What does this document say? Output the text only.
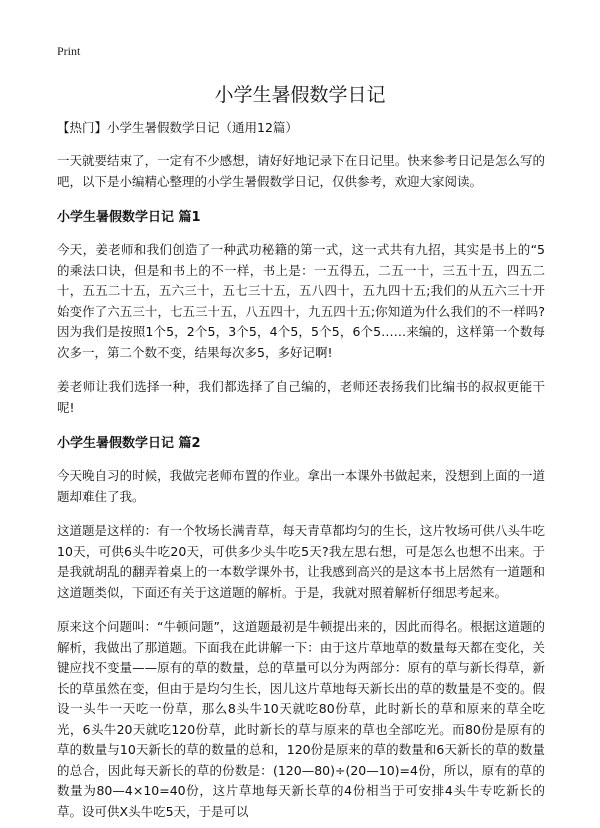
Print
小学生暑假数学日记
【热门】小学生暑假数学日记（通用12篇）

一天就要结束了，一定有不少感想，请好好地记录下在日记里。快来参考日记是怎么写的吧，以下是小编精心整理的小学生暑假数学日记，仅供参考，欢迎大家阅读。

小学生暑假数学日记 篇1

今天，姜老师和我们创造了一种武功秘籍的第一式，这一式共有九招，其实是书上的“5的乘法口诀，但是和书上的不一样，书上是：一五得五，二五一十，三五十五，四五二十，五五二十五，五六三十，五七三十五，五八四十，五九四十五;我们的从五六三十开始变作了六五三十，七五三十五，八五四十，九五四十五;你知道为什么我们的不一样吗?因为我们是按照1个5，2个5，3个5，4个5，5个5，6个5……来编的，这样第一个数每次多一，第二个数不变，结果每次多5，多好记啊!

姜老师让我们选择一种，我们都选择了自己编的，老师还表扬我们比编书的叔叔更能干呢!

小学生暑假数学日记 篇2

今天晚自习的时候，我做完老师布置的作业。拿出一本课外书做起来，没想到上面的一道题却难住了我。

这道题是这样的：有一个牧场长满青草，每天青草都均匀的生长，这片牧场可供八头牛吃10天，可供6头牛吃20天，可供多少头牛吃5天?我左思右想，可是怎么也想不出来。于是我就胡乱的翻弄着桌上的一本数学课外书，让我感到高兴的是这本书上居然有一道题和这道题类似，下面还有关于这道题的解析。于是，我就对照着解析仔细思考起来。

原来这个问题叫：“牛顿问题”，这道题最初是牛顿提出来的，因此而得名。根据这道题的解析，我做出了那道题。下面我在此讲解一下：由于这片草地草的数量每天都在变化，关键应找不变量——原有的草的数量，总的草量可以分为两部分：原有的草与新长得草，新长的草虽然在变，但由于是均匀生长，因儿这片草地每天新长出的草的数量是不变的。假设一头牛一天吃一份草，那么8头牛10天就吃80份草，此时新长的草和原来的草全吃光，6头牛20天就吃120份草，此时新长的草与原来的草也全部吃光。而80份是原有的草的数量与10天新长的草的数量的总和，120份是原来的草的数量和6天新长的草的数量的总合，因此每天新长的草的份数是：(120—80)÷(20—10)=4份，所以，原有的草的数量为80—4×10=40份，这片草地每天新长草的4份相当于可安排4头牛专吃新长的草。设可供X头牛吃5天，于是可以
